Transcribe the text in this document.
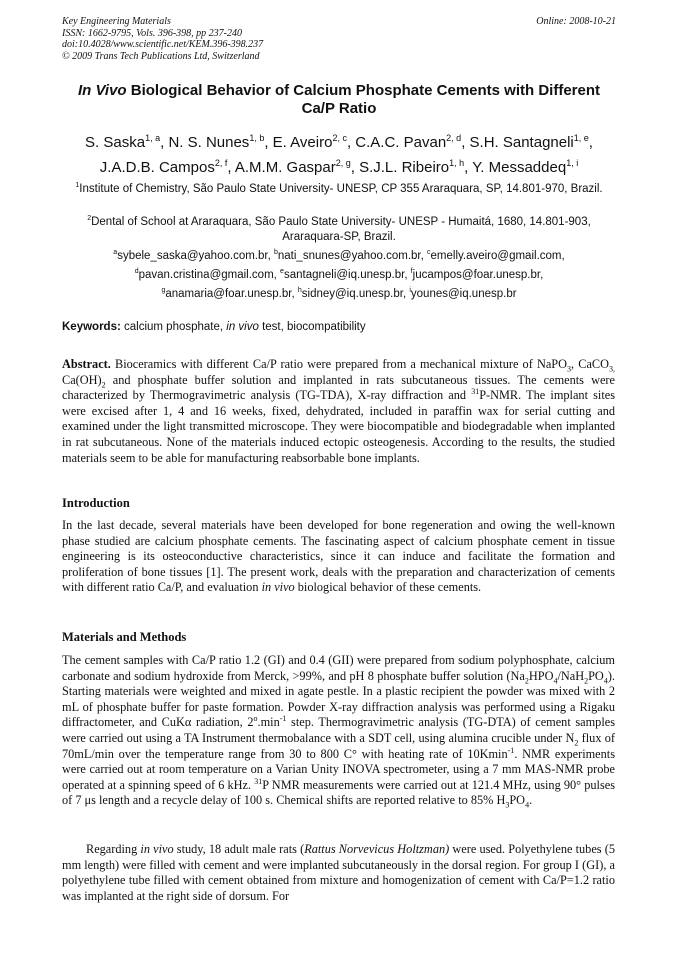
Key Engineering Materials
ISSN: 1662-9795, Vols. 396-398, pp 237-240
doi:10.4028/www.scientific.net/KEM.396-398.237
© 2009 Trans Tech Publications Ltd, Switzerland
Online: 2008-10-21
In Vivo Biological Behavior of Calcium Phosphate Cements with Different Ca/P Ratio
S. Saska$^{1, a}$, N. S. Nunes$^{1, b}$, E. Aveiro$^{2, c}$, C.A.C. Pavan$^{2, d}$, S.H. Santagneli$^{1, e}$,
J.A.D.B. Campos$^{2, f}$, A.M.M. Gaspar$^{2, g}$, S.J.L. Ribeiro$^{1, h}$, Y. Messaddeq$^{1, i}$
$^1$Institute of Chemistry, São Paulo State University- UNESP, CP 355 Araraquara, SP, 14.801-970, Brazil.
$^2$Dental of School at Araraquara, São Paulo State University- UNESP - Humaitá, 1680, 14.801-903, Araraquara-SP, Brazil.
$^a$sybele_saska@yahoo.com.br, $^b$nati_snunes@yahoo.com.br, $^c$emelly.aveiro@gmail.com,
$^d$pavan.cristina@gmail.com, $^e$santagneli@iq.unesp.br, $^f$jucampos@foar.unesp.br,
$^g$anamaria@foar.unesp.br, $^h$sidney@iq.unesp.br, $^i$younes@iq.unesp.br
Keywords: calcium phosphate, in vivo test, biocompatibility
Abstract. Bioceramics with different Ca/P ratio were prepared from a mechanical mixture of NaPO$_3$, CaCO$_{3,}$ $Ca(OH)_2$ and phosphate buffer solution and implanted in rats subcutaneous tissues. The cements were characterized by Thermogravimetric analysis (TG-TDA), X-ray diffraction and $^{31}$P-NMR. The implant sites were excised after 1, 4 and 16 weeks, fixed, dehydrated, included in paraffin wax for serial cutting and examined under the light transmitted microscope. They were biocompatible and biodegradable when implanted in rat subcutaneous. None of the materials induced ectopic osteogenesis. According to the results, the studied materials seem to be able for manufacturing reabsorbable bone implants.
Introduction
In the last decade, several materials have been developed for bone regeneration and owing the well-known phase studied are calcium phosphate cements. The fascinating aspect of calcium phosphate cement in tissue engineering is its osteoconductive characteristics, since it can induce and facilitate the formation and proliferation of bone tissues [1]. The present work, deals with the preparation and characterization of cements with different ratio Ca/P, and evaluation in vivo biological behavior of these cements.
Materials and Methods
The cement samples with Ca/P ratio 1.2 (GI) and 0.4 (GII) were prepared from sodium polyphosphate, calcium carbonate and sodium hydroxide from Merck, >99%, and pH 8 phosphate buffer solution $(Na_2HPO_4/NaH_2PO_4)$. Starting materials were weighted and mixed in agate pestle. In a plastic recipient the powder was mixed with 2 mL of phosphate buffer for paste formation. Powder X-ray diffraction analysis was performed using a Rigaku diffractometer, and CuKα radiation, $2^o.\min^{-1}$ step. Thermogravimetric analysis (TG-DTA) of cement samples were carried out using a TA Instrument thermobalance with a SDT cell, using alumina crucible under $N_2$ flux of 70mL/min over the temperature range from 30 to 800 C° with heating rate of 10Kmin$^{-1}$. NMR experiments were carried out at room temperature on a Varian Unity INOVA spectrometer, using a 7 mm MAS-NMR probe operated at a spinning speed of 6 kHz. $^{31}$P NMR measurements were carried out at 121.4 MHz, using 90° pulses of 7 μs length and a recycle delay of 100 s. Chemical shifts are reported relative to 85% $H_3PO_4$.
Regarding in vivo study, 18 adult male rats (Rattus Norvevicus Holtzman) were used. Polyethylene tubes (5 mm length) were filled with cement and were implanted subcutaneously in the dorsal region. For group I (GI), a polyethylene tube filled with cement obtained from mixture and homogenization of cement with Ca/P=1.2 ratio was implanted at the right side of dorsum. For
